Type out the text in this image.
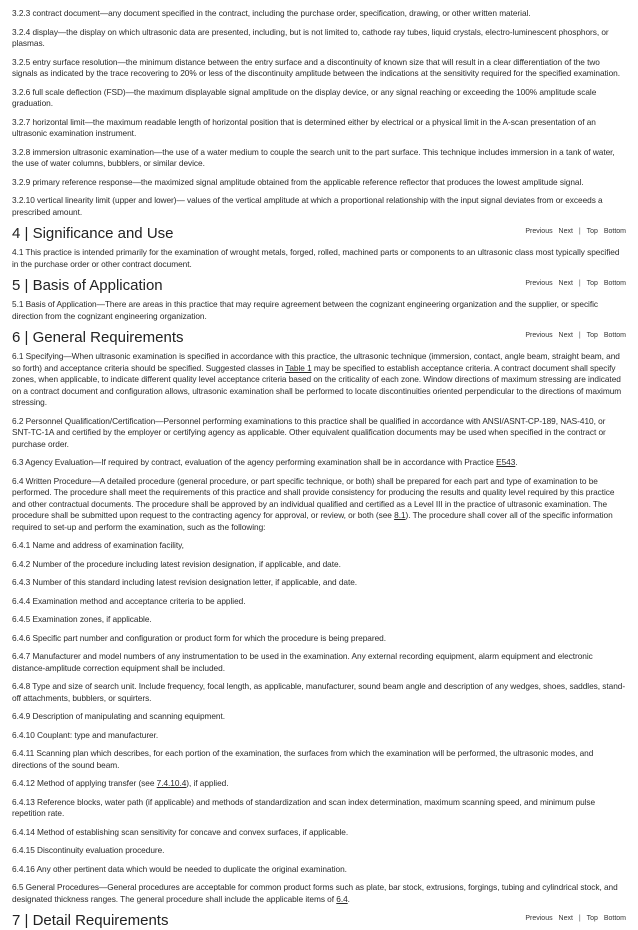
3.2.3 contract document—any document specified in the contract, including the purchase order, specification, drawing, or other written material.

3.2.4 display—the display on which ultrasonic data are presented, including, but is not limited to, cathode ray tubes, liquid crystals, electro-luminescent phosphors, or plasmas.

3.2.5 entry surface resolution—the minimum distance between the entry surface and a discontinuity of known size that will result in a clear differentiation of the two signals as indicated by the trace recovering to 20% or less of the discontinuity amplitude between the indications at the sensitivity required for the specified examination.

3.2.6 full scale deflection (FSD)—the maximum displayable signal amplitude on the display device, or any signal reaching or exceeding the 100% amplitude scale graduation.

3.2.7 horizontal limit—the maximum readable length of horizontal position that is determined either by electrical or a physical limit in the A-scan presentation of an ultrasonic examination instrument.

3.2.8 immersion ultrasonic examination—the use of a water medium to couple the search unit to the part surface. This technique includes immersion in a tank of water, the use of water columns, bubblers, or similar device.

3.2.9 primary reference response—the maximized signal amplitude obtained from the applicable reference reflector that produces the lowest amplitude signal.

3.2.10 vertical linearity limit (upper and lower)— values of the vertical amplitude at which a proportional relationship with the input signal deviates from or exceeds a prescribed amount.

4 | Significance and Use	Previous Next | Top Bottom

4.1 This practice is intended primarily for the examination of wrought metals, forged, rolled, machined parts or components to an ultrasonic class most typically specified in the purchase order or other contract document.

5 | Basis of Application	Previous Next | Top Bottom

5.1 Basis of Application—There are areas in this practice that may require agreement between the cognizant engineering organization and the supplier, or specific direction from the cognizant engineering organization.

6 | General Requirements	Previous Next | Top Bottom

6.1 Specifying—When ultrasonic examination is specified in accordance with this practice, the ultrasonic technique (immersion, contact, angle beam, straight beam, and so forth) and acceptance criteria should be specified. Suggested classes in Table 1 may be specified to establish acceptance criteria. A contract document shall specify zones, when applicable, to indicate different quality level acceptance criteria based on the criticality of each zone. Window directions of maximum stressing are indicated on a contract document and configuration allows, ultrasonic examination shall be performed to locate discontinuities oriented perpendicular to the directions of maximum stressing.

6.2 Personnel Qualification/Certification—Personnel performing examinations to this practice shall be qualified in accordance with ANSI/ASNT-CP-189, NAS-410, or SNT-TC-1A and certified by the employer or certifying agency as applicable. Other equivalent qualification documents may be used when specified in the contract or purchase order.

6.3 Agency Evaluation—If required by contract, evaluation of the agency performing examination shall be in accordance with Practice E543.

6.4 Written Procedure—A detailed procedure (general procedure, or part specific technique, or both) shall be prepared for each part and type of examination to be performed. The procedure shall meet the requirements of this practice and shall provide consistency for producing the results and quality level required by this practice and other contractual documents. The procedure shall be approved by an individual qualified and certified as a Level III in the practice of ultrasonic examination. The procedure shall be submitted upon request to the contracting agency for approval, or review, or both (see 8.1). The procedure shall cover all of the specific information required to set-up and perform the examination, such as the following:

6.4.1 Name and address of examination facility,

6.4.2 Number of the procedure including latest revision designation, if applicable, and date.

6.4.3 Number of this standard including latest revision designation letter, if applicable, and date.

6.4.4 Examination method and acceptance criteria to be applied.

6.4.5 Examination zones, if applicable.

6.4.6 Specific part number and configuration or product form for which the procedure is being prepared.

6.4.7 Manufacturer and model numbers of any instrumentation to be used in the examination. Any external recording equipment, alarm equipment and electronic distance-amplitude correction equipment shall be included.

6.4.8 Type and size of search unit. Include frequency, focal length, as applicable, manufacturer, sound beam angle and description of any wedges, shoes, saddles, stand-off attachments, bubblers, or squirters.

6.4.9 Description of manipulating and scanning equipment.

6.4.10 Couplant: type and manufacturer.

6.4.11 Scanning plan which describes, for each portion of the examination, the surfaces from which the examination will be performed, the ultrasonic modes, and directions of the sound beam.

6.4.12 Method of applying transfer (see 7.4.10.4), if applied.

6.4.13 Reference blocks, water path (if applicable) and methods of standardization and scan index determination, maximum scanning speed, and minimum pulse repetition rate.

6.4.14 Method of establishing scan sensitivity for concave and convex surfaces, if applicable.

6.4.15 Discontinuity evaluation procedure.

6.4.16 Any other pertinent data which would be needed to duplicate the original examination.

6.5 General Procedures—General procedures are acceptable for common product forms such as plate, bar stock, extrusions, forgings, tubing and cylindrical stock, and designated thickness ranges. The general procedure shall include the applicable items of 6.4.

7 | Detail Requirements	Previous Next | Top Bottom
